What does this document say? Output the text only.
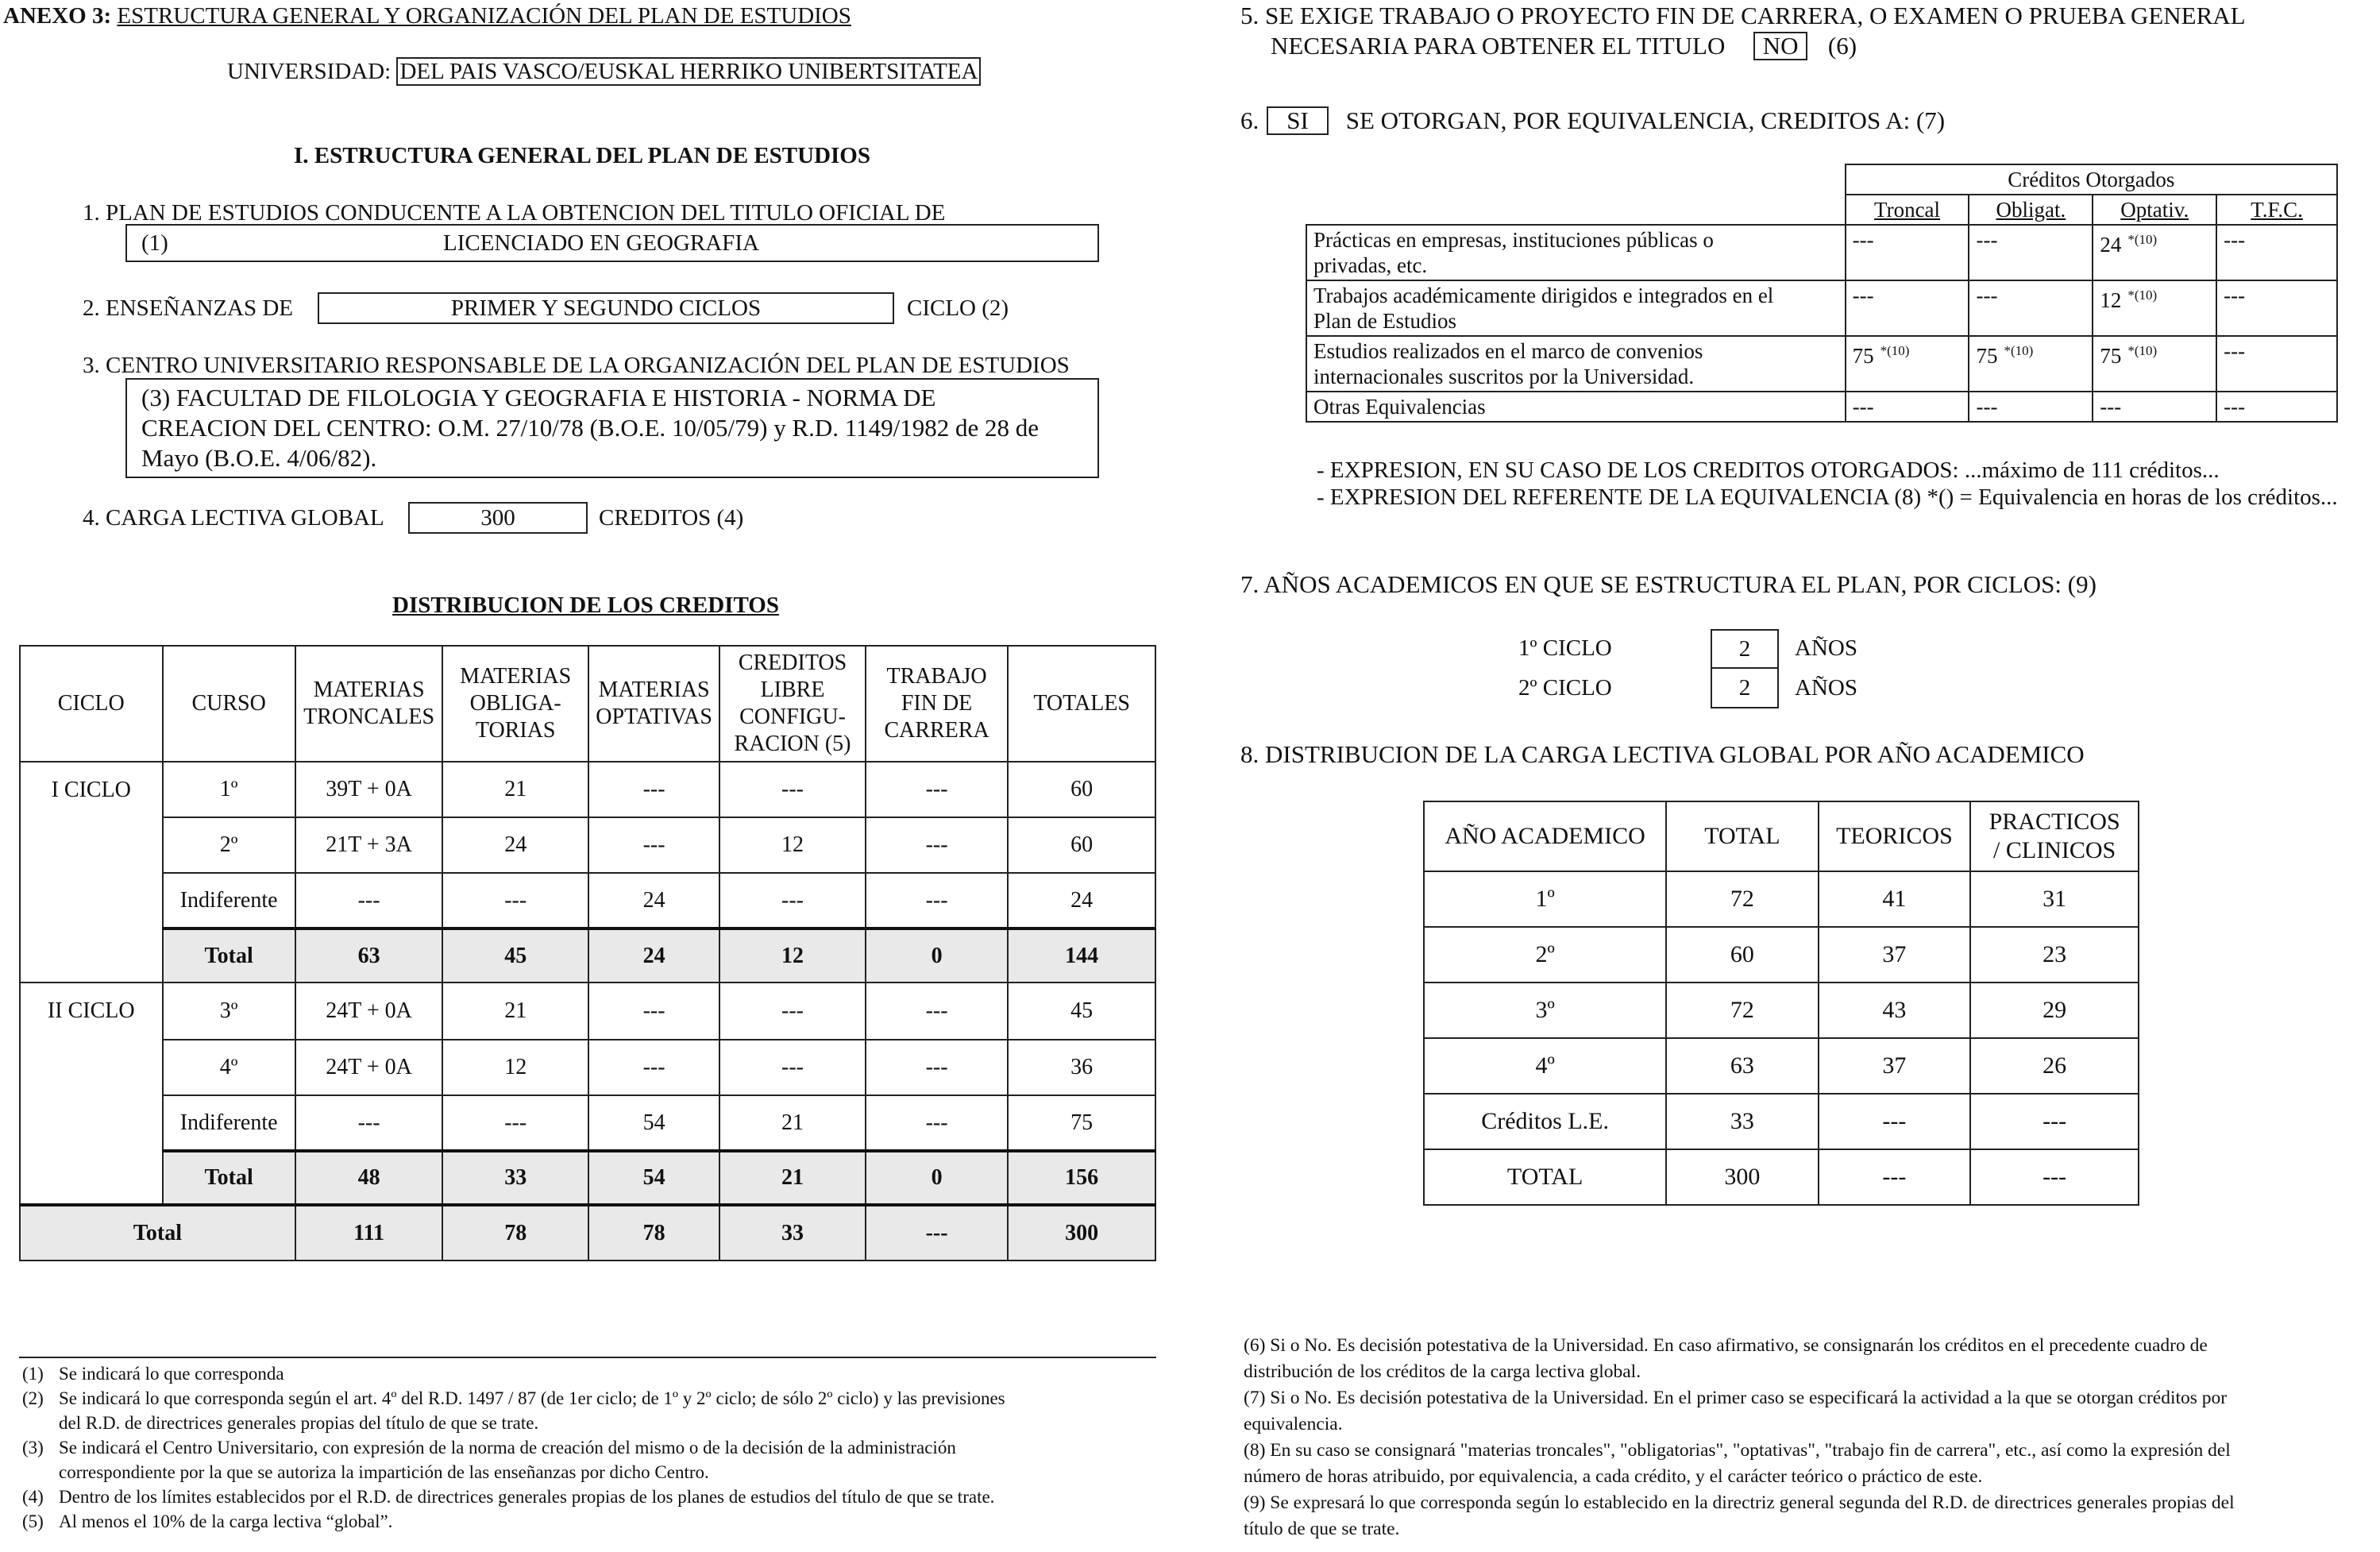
ANEXO 3: ESTRUCTURA GENERAL Y ORGANIZACIÓN DEL PLAN DE ESTUDIOS
UNIVERSIDAD: DEL PAIS VASCO/EUSKAL HERRIKO UNIBERTSITATEA
I. ESTRUCTURA GENERAL DEL PLAN DE ESTUDIOS
1. PLAN DE ESTUDIOS CONDUCENTE A LA OBTENCION DEL TITULO OFICIAL DE
(1)	LICENCIADO EN GEOGRAFIA
2. ENSEÑANZAS DE	PRIMER Y SEGUNDO CICLOS	CICLO (2)
3. CENTRO UNIVERSITARIO RESPONSABLE DE LA ORGANIZACIÓN DEL PLAN DE ESTUDIOS
(3) FACULTAD DE FILOLOGIA Y GEOGRAFIA E HISTORIA - NORMA DE
CREACION DEL CENTRO: O.M. 27/10/78 (B.O.E. 10/05/79) y R.D. 1149/1982 de 28 de
Mayo (B.O.E. 4/06/82).
4. CARGA LECTIVA GLOBAL	300	CREDITOS (4)
DISTRIBUCION DE LOS CREDITOS
CICLO	CURSO	MATERIAS TRONCALES	MATERIAS OBLIGA-TORIAS	MATERIAS OPTATIVAS	CREDITOS LIBRE CONFIGU-RACION (5)	TRABAJO FIN DE CARRERA	TOTALES
I CICLO	1º	39T + 0A	21	---	---	---	60
	2º	21T + 3A	24	---	12	---	60
	Indiferente	---	---	24	---	---	24
	Total	63	45	24	12	0	144
II CICLO	3º	24T + 0A	21	---	---	---	45
	4º	24T + 0A	12	---	---	---	36
	Indiferente	---	---	54	21	---	75
	Total	48	33	54	21	0	156
Total		111	78	78	33	---	300
(1) Se indicará lo que corresponda
(2) Se indicará lo que corresponda según el art. 4º del R.D. 1497 / 87 (de 1er ciclo; de 1º y 2º ciclo; de sólo 2º ciclo) y las previsiones
del R.D. de directrices generales propias del título de que se trate.
(3) Se indicará el Centro Universitario, con expresión de la norma de creación del mismo o de la decisión de la administración
correspondiente por la que se autoriza la impartición de las enseñanzas por dicho Centro.
(4) Dentro de los límites establecidos por el R.D. de directrices generales propias de los planes de estudios del título de que se trate.
(5) Al menos el 10% de la carga lectiva “global”.
5. SE EXIGE TRABAJO O PROYECTO FIN DE CARRERA, O EXAMEN O PRUEBA GENERAL
NECESARIA PARA OBTENER EL TITULO NO (6)
6. SI SE OTORGAN, POR EQUIVALENCIA, CREDITOS A: (7)
	Créditos Otorgados			
	Troncal	Obligat.	Optativ.	T.F.C.

Prácticas en empresas, instituciones públicas o
privadas, etc.	---	---	24 $^{*(10)}$	---

Trabajos académicamente dirigidos e integrados en el
Plan de Estudios	---	---	12 $^{*(10)}$	---

Estudios realizados en el marco de convenios
internacionales suscritos por la Universidad.	75 $^{*(10)}$	75 $^{*(10)}$	75 $^{*(10)}$	---

Otras Equivalencias	---	---	---	---
- EXPRESION, EN SU CASO DE LOS CREDITOS OTORGADOS: ...máximo de 111 créditos...
- EXPRESION DEL REFERENTE DE LA EQUIVALENCIA (8) *() = Equivalencia en horas de los créditos...
7. AÑOS ACADEMICOS EN QUE SE ESTRUCTURA EL PLAN, POR CICLOS: (9)
1º CICLO	2	AÑOS
2º CICLO	2	AÑOS
8. DISTRIBUCION DE LA CARGA LECTIVA GLOBAL POR AÑO ACADEMICO
AÑO ACADEMICO	TOTAL	TEORICOS	PRACTICOS
/ CLINICOS

1º	72	41	31
2º	60	37	23
3º	72	43	29
4º	63	37	26
Créditos L.E.	33	---	---
TOTAL	300	---	---
(6) Si o No. Es decisión potestativa de la Universidad. En caso afirmativo, se consignarán los créditos en el precedente cuadro de
distribución de los créditos de la carga lectiva global.
(7) Si o No. Es decisión potestativa de la Universidad. En el primer caso se especificará la actividad a la que se otorgan créditos por
equivalencia.
(8) En su caso se consignará "materias troncales", "obligatorias", "optativas", "trabajo fin de carrera", etc., así como la expresión del
número de horas atribuido, por equivalencia, a cada crédito, y el carácter teórico o práctico de este.
(9) Se expresará lo que corresponda según lo establecido en la directriz general segunda del R.D. de directrices generales propias del
título de que se trate.
